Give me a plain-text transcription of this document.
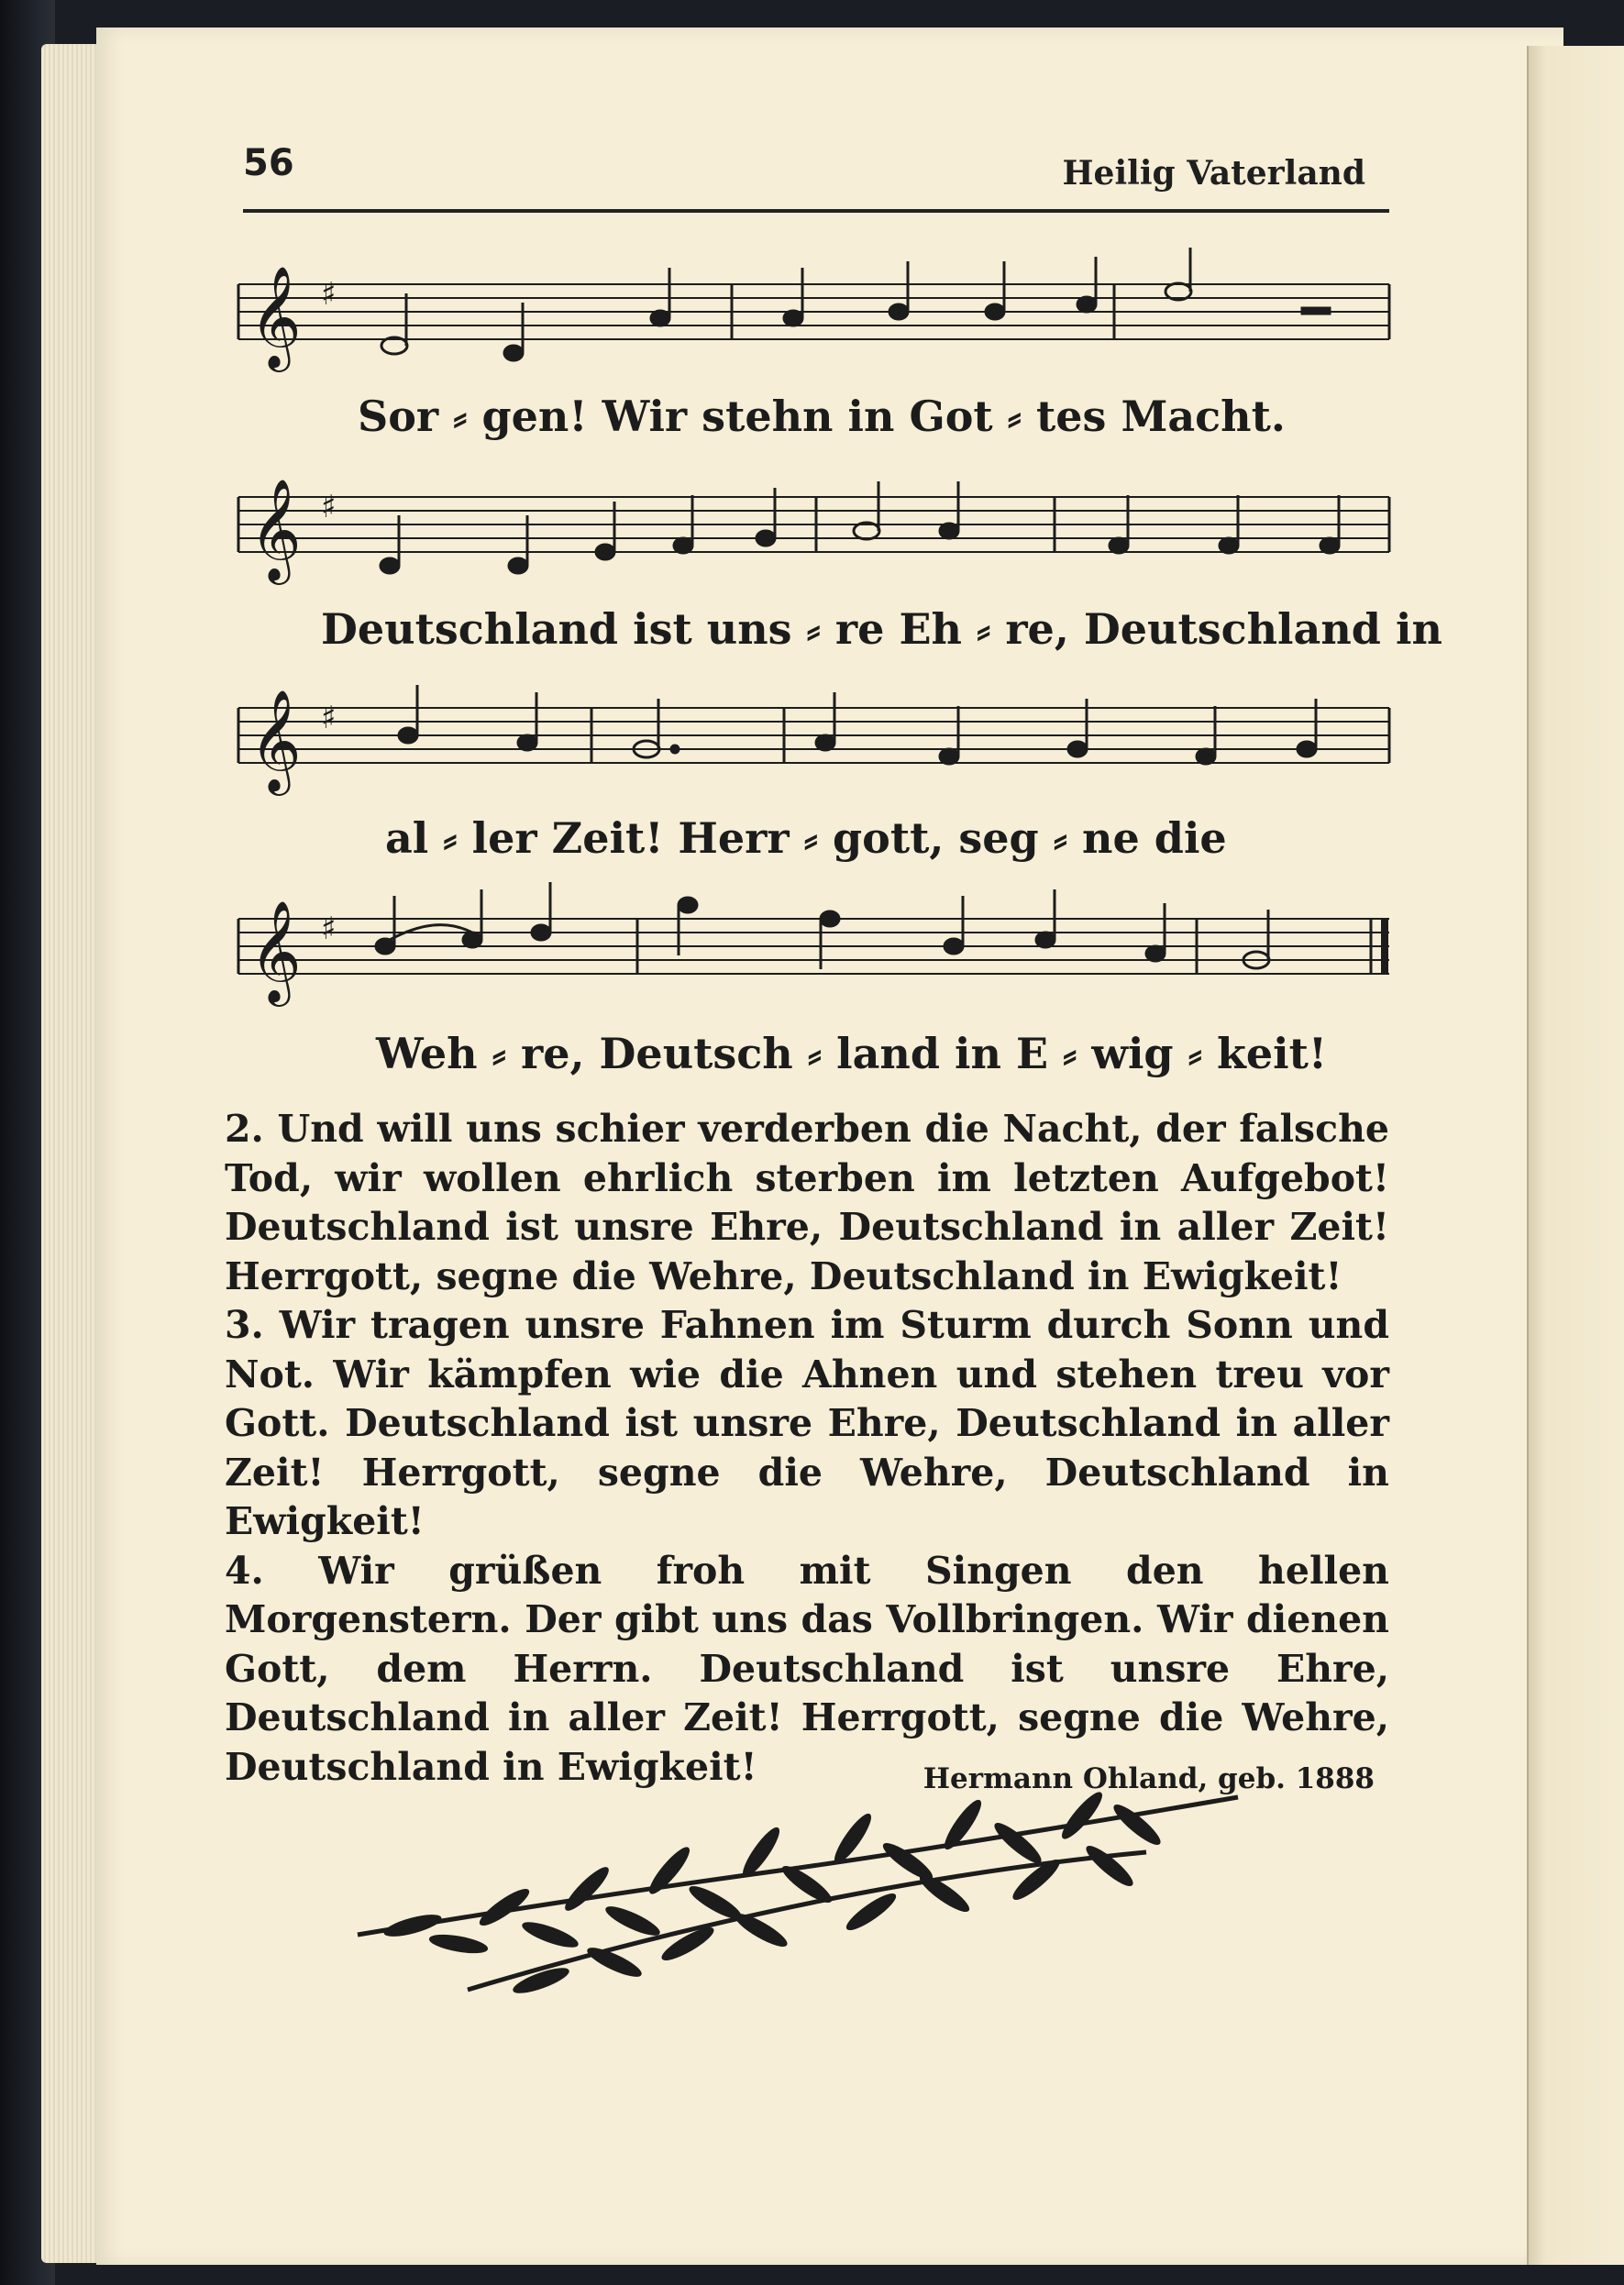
56	Heilig Vaterland
𝄞 ♯
Sor ⸗ gen! Wir stehn in Got ⸗ tes Macht.
𝄞 ♯
Deutschland ist uns ⸗ re Eh ⸗ re, Deutschland in
𝄞 ♯
al ⸗ ler Zeit! Herr ⸗ gott, seg ⸗ ne die
𝄞 ♯
Weh ⸗ re, Deutsch ⸗ land in E ⸗ wig ⸗ keit!

2. Und will uns schier verderben die Nacht, der falsche Tod, wir wollen ehrlich sterben im letzten Aufgebot! Deutschland ist unsre Ehre, Deutschland in aller Zeit! Herrgott, segne die Wehre, Deutschland in Ewigkeit!

3. Wir tragen unsre Fahnen im Sturm durch Sonn und Not. Wir kämpfen wie die Ahnen und stehen treu vor Gott. Deutschland ist unsre Ehre, Deutschland in aller Zeit! Herrgott, segne die Wehre, Deutschland in Ewigkeit!

4. Wir grüßen froh mit Singen den hellen Morgenstern. Der gibt uns das Vollbringen. Wir dienen Gott, dem Herrn. Deutschland ist unsre Ehre, Deutschland in aller Zeit! Herrgott, segne die Wehre, Deutschland in Ewigkeit!	Hermann Ohland, geb. 1888
